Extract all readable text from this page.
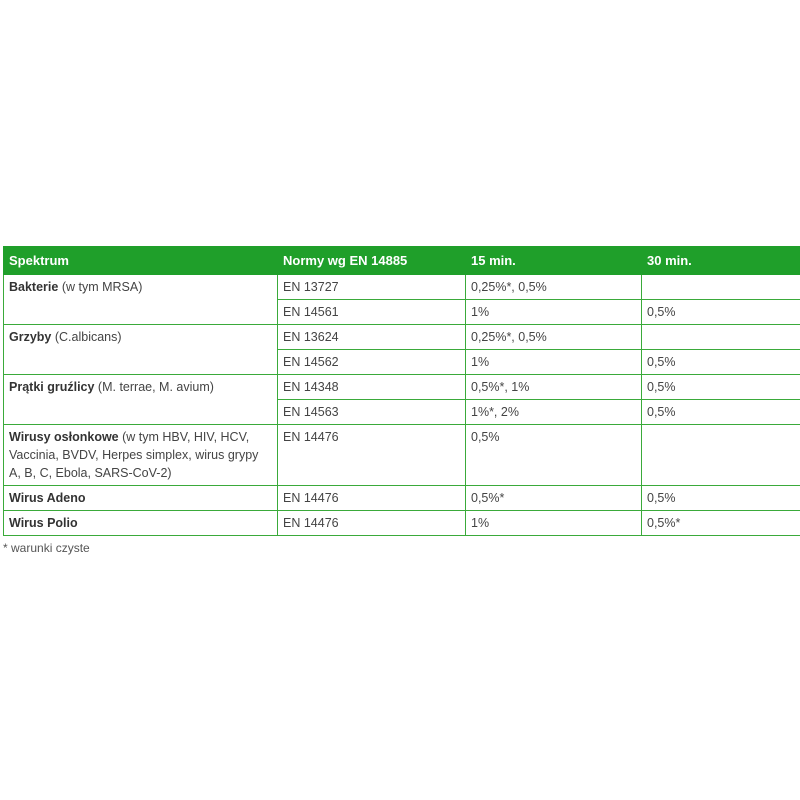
Spektrum	Normy wg EN 14885	15 min.	30 min.
Bakterie (w tym MRSA)	EN 13727	0,25%*, 0,5%	
	EN 14561	1%	0,5%
Grzyby (C.albicans)	EN 13624	0,25%*, 0,5%	
	EN 14562	1%	0,5%
Prątki gruźlicy (M. terrae, M. avium)	EN 14348	0,5%*, 1%	0,5%
	EN 14563	1%*, 2%	0,5%
Wirusy osłonkowe (w tym HBV, HIV, HCV, Vaccinia, BVDV, Herpes simplex, wirus grypy A, B, C, Ebola, SARS-CoV-2)	EN 14476	0,5%	
Wirus Adeno	EN 14476	0,5%*	0,5%
Wirus Polio	EN 14476	1%	0,5%*
* warunki czyste
